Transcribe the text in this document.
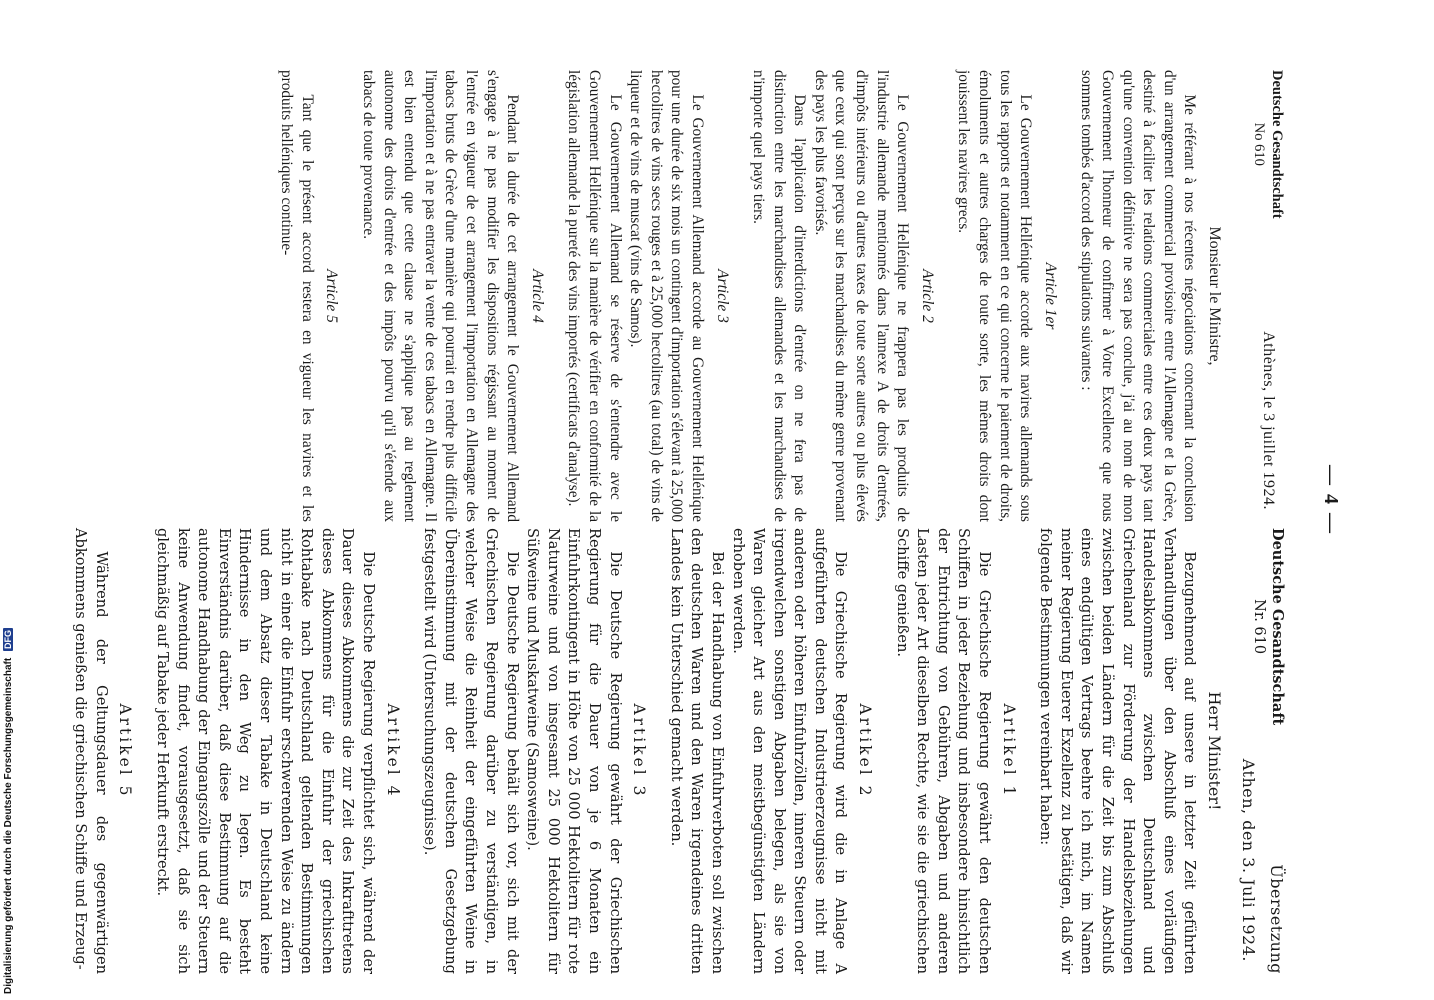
— 4 —
Deutsche Gesandtschaft
No 610
Athènes, le 3 juillet 1924.
Monsieur le Ministre,

Me référant à nos récentes négociations concernant la conclusion d'un arrangement commercial provisoire entre l'Allemagne et la Grèce, destiné à faciliter les relations commerciales entre ces deux pays tant qu'une convention définitive ne sera pas conclue, j'ai au nom de mon Gouvernement l'honneur de confirmer à Votre Excellence que nous sommes tombés d'accord des stipulations suivantes :

Article 1er

Le Gouvernement Hellénique accorde aux navires allemands sous tous les rapports et notamment en ce qui concerne le paiement de droits, émoluments et autres charges de toute sorte, les mêmes droits dont jouissent les navires grecs.

Article 2

Le Gouvernement Hellénique ne frappera pas les produits de l'industrie allemande mentionnés dans l'annexe A de droits d'entrées, d'impôts intérieurs ou d'autres taxes de toute sorte autres ou plus élevés que ceux qui sont perçus sur les marchandises du même genre provenant des pays les plus favorisés.

Dans l'application d'interdictions d'entrée on ne fera pas de distinction entre les marchandises allemandes et les marchandises de n'importe quel pays tiers.

Article 3

Le Gouvernement Allemand accorde au Gouvernement Hellénique pour une durée de six mois un contingent d'importation s'élevant à 25,000 hectolitres de vins secs rouges et à 25,000 hectolitres (au total) de vins de liqueur et de vins de muscat (vins de Samos).

Le Gouvernement Allemand se réserve de s'entendre avec le Gouvernement Hellénique sur la manière de vérifier en conformité de la législation allemande la pureté des vins importés (certificats d'analyse).

Article 4

Pendant la durée de cet arrangement le Gouvernement Allemand s'engage à ne pas modifier les dispositions régissant au moment de l'entrée en vigueur de cet arrangement l'importation en Allemagne des tabacs bruts de Grèce d'une manière qui pourrait en rendre plus difficile l'importation et à ne pas entraver la vente de ces tabacs en Allemagne. Il est bien entendu que cette clause ne s'applique pas au reglement autonome des droits d'entrée et des impôts pourvu qu'il s'étende aux tabacs de toute provenance.

Article 5

Tant que le présent accord restera en vigueur les navires et les produits helléniques continue-

Deutsche Gesandtschaft
Nr. 610
Übersetzung
Athen, den 3. Juli 1924.
Herr Minister!

Bezugnehmend auf unsere in letzter Zeit geführten Verhandlungen über den Abschluß eines vorläufigen Handelsabkommens zwischen Deutschland und Griechenland zur Förderung der Handelsbeziehungen zwischen beiden Ländern für die Zeit bis zum Abschluß eines endgültigen Vertrags beehre ich mich, im Namen meiner Regierung Euerer Exzellenz zu bestätigen, daß wir folgende Bestimmungen vereinbart haben:

Artikel 1

Die Griechische Regierung gewährt den deutschen Schiffen in jeder Beziehung und insbesondere hinsichtlich der Entrichtung von Gebühren, Abgaben und anderen Lasten jeder Art dieselben Rechte, wie sie die griechischen Schiffe genießen.

Artikel 2

Die Griechische Regierung wird die in Anlage A aufgeführten deutschen Industrieerzeugnisse nicht mit anderen oder höheren Einfuhrzöllen, inneren Steuern oder irgendwelchen sonstigen Abgaben belegen, als sie von Waren gleicher Art aus den meistbegünstigten Ländern erhoben werden.

Bei der Handhabung von Einfuhrverboten soll zwischen den deutschen Waren und den Waren irgendeines dritten Landes kein Unterschied gemacht werden.

Artikel 3

Die Deutsche Regierung gewährt der Griechischen Regierung für die Dauer von je 6 Monaten ein Einfuhrkontingent in Höhe von 25 000 Hektolitern für rote Naturweine und von insgesamt 25 000 Hektolitern für Süßweine und Muskatweine (Samosweine).

Die Deutsche Regierung behält sich vor, sich mit der Griechischen Regierung darüber zu verständigen, in welcher Weise die Reinheit der eingeführten Weine in Übereinstimmung mit der deutschen Gesetzgebung festgestellt wird (Untersuchungszeugnisse).

Artikel 4

Die Deutsche Regierung verpflichtet sich, während der Dauer dieses Abkommens die zur Zeit des Inkrafttretens dieses Abkommens für die Einfuhr der griechischen Rohtabake nach Deutschland geltenden Bestimmungen nicht in einer die Einfuhr erschwerenden Weise zu ändern und dem Absatz dieser Tabake in Deutschland keine Hindernisse in den Weg zu legen. Es besteht Einverständnis darüber, daß diese Bestimmung auf die autonome Handhabung der Eingangszölle und der Steuern keine Anwendung findet, vorausgesetzt, daß sie sich gleichmäßig auf Tabake jeder Herkunft erstreckt.

Artikel 5

Während der Geltungsdauer des gegenwärtigen Abkommens genießen die griechischen Schiffe und Erzeug-

Digitalisierung gefördert durch die Deutsche Forschungsgemeinschaft DFG
